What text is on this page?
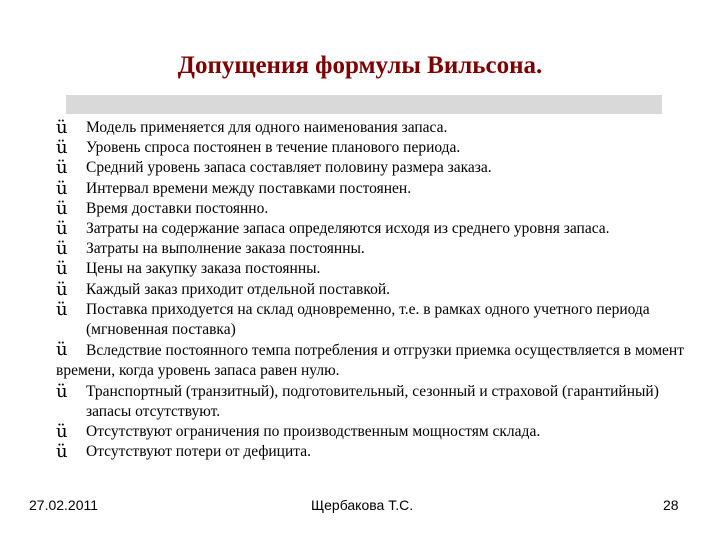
Допущения формулы Вильсона.
ü	Модель применяется для одного наименования запаса.
ü	Уровень спроса постоянен в течение планового периода.
ü	Средний уровень запаса составляет половину размера заказа.
ü	Интервал времени между поставками постоянен.
ü	Время доставки постоянно.
ü	Затраты на содержание запаса определяются исходя из среднего уровня запаса.
ü	Затраты на выполнение заказа постоянны.
ü	Цены на закупку заказа постоянны.
ü	Каждый заказ приходит отдельной поставкой.
ü	Поставка приходуется на склад одновременно, т.е. в рамках одного учетного периода (мгновенная поставка)
ü Вследствие постоянного темпа потребления и отгрузки приемка осуществляется в момент времени, когда уровень запаса равен нулю.
ü	Транспортный (транзитный), подготовительный, сезонный и страховой (гарантийный) запасы отсутствуют.
ü	Отсутствуют ограничения по производственным мощностям склада.
ü	Отсутствуют потери от дефицита.
27.02.2011	Щербакова Т.С.	28
